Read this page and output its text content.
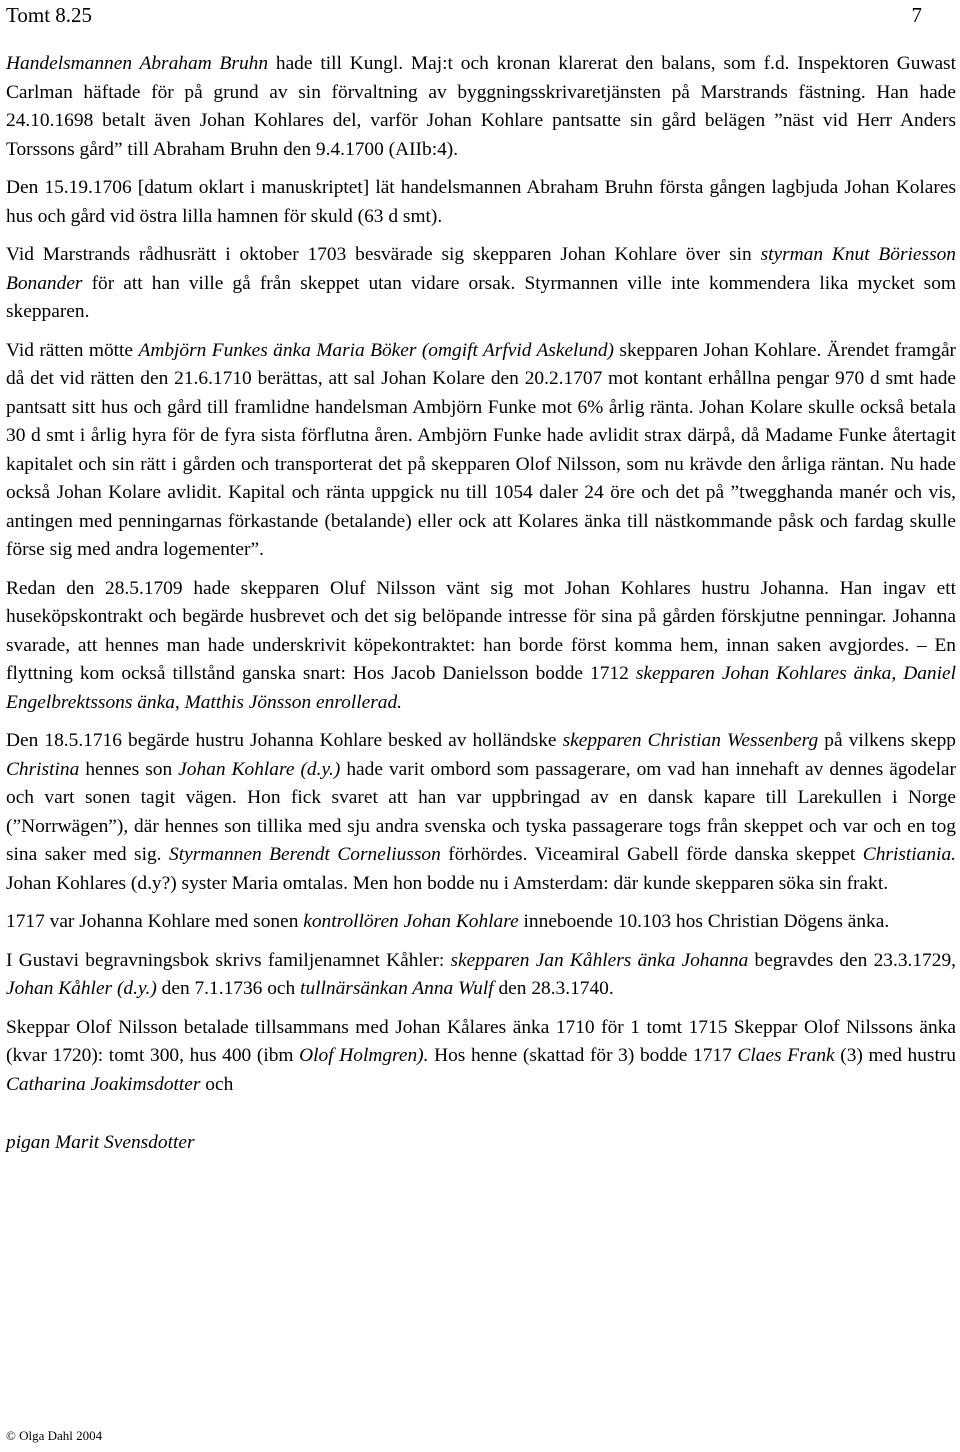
Tomt 8.25	7

Handelsmannen Abraham Bruhn hade till Kungl. Maj:t och kronan klarerat den balans, som f.d. Inspektoren Guwast Carlman häftade för på grund av sin förvaltning av byggningsskrivaretjänsten på Marstrands fästning. Han hade 24.10.1698 betalt även Johan Kohlares del, varför Johan Kohlare pantsatte sin gård belägen ”näst vid Herr Anders Torssons gård” till Abraham Bruhn den 9.4.1700 (AIIb:4).

Den 15.19.1706 [datum oklart i manuskriptet] lät handelsmannen Abraham Bruhn första gången lagbjuda Johan Kolares hus och gård vid östra lilla hamnen för skuld (63 d smt).

Vid Marstrands rådhusrätt i oktober 1703 besvärade sig skepparen Johan Kohlare över sin styrman Knut Böriesson Bonander för att han ville gå från skeppet utan vidare orsak. Styrmannen ville inte kommendera lika mycket som skepparen.

Vid rätten mötte Ambjörn Funkes änka Maria Böker (omgift Arfvid Askelund) skepparen Johan Kohlare. Ärendet framgår då det vid rätten den 21.6.1710 berättas, att sal Johan Kolare den 20.2.1707 mot kontant erhållna pengar 970 d smt hade pantsatt sitt hus och gård till framlidne handelsman Ambjörn Funke mot 6% årlig ränta. Johan Kolare skulle också betala 30 d smt i årlig hyra för de fyra sista förflutna åren. Ambjörn Funke hade avlidit strax därpå, då Madame Funke återtagit kapitalet och sin rätt i gården och transporterat det på skepparen Olof Nilsson, som nu krävde den årliga räntan. Nu hade också Johan Kolare avlidit. Kapital och ränta uppgick nu till 1054 daler 24 öre och det på ”twegghanda manér och vis, antingen med penningarnas förkastande (betalande) eller ock att Kolares änka till nästkommande påsk och fardag skulle förse sig med andra logementer”.

Redan den 28.5.1709 hade skepparen Oluf Nilsson vänt sig mot Johan Kohlares hustru Johanna. Han ingav ett huseköpskontrakt och begärde husbrevet och det sig belöpande intresse för sina på gården förskjutne penningar. Johanna svarade, att hennes man hade underskrivit köpekontraktet: han borde först komma hem, innan saken avgjordes. – En flyttning kom också tillstånd ganska snart: Hos Jacob Danielsson bodde 1712 skepparen Johan Kohlares änka, Daniel Engelbrektssons änka, Matthis Jönsson enrollerad.

Den 18.5.1716 begärde hustru Johanna Kohlare besked av holländske skepparen Christian Wessenberg på vilkens skepp Christina hennes son Johan Kohlare (d.y.) hade varit ombord som passagerare, om vad han innehaft av dennes ägodelar och vart sonen tagit vägen. Hon fick svaret att han var uppbringad av en dansk kapare till Larekullen i Norge (”Norrwägen”), där hennes son tillika med sju andra svenska och tyska passagerare togs från skeppet och var och en tog sina saker med sig. Styrmannen Berendt Corneliusson förhördes. Viceamiral Gabell förde danska skeppet Christiania. Johan Kohlares (d.y?) syster Maria omtalas. Men hon bodde nu i Amsterdam: där kunde skepparen söka sin frakt.

1717 var Johanna Kohlare med sonen kontrollören Johan Kohlare inneboende 10.103 hos Christian Dögens änka.

I Gustavi begravningsbok skrivs familjenamnet Kåhler: skepparen Jan Kåhlers änka Johanna begravdes den 23.3.1729, Johan Kåhler (d.y.) den 7.1.1736 och tullnärsänkan Anna Wulf den 28.3.1740.

Skeppar Olof Nilsson betalade tillsammans med Johan Kålares änka 1710 för 1 tomt 1715 Skeppar Olof Nilssons änka (kvar 1720): tomt 300, hus 400 (ibm Olof Holmgren). Hos henne (skattad för 3) bodde 1717 Claes Frank (3) med hustru Catharina Joakimsdotter och

pigan Marit Svensdotter

© Olga Dahl 2004
